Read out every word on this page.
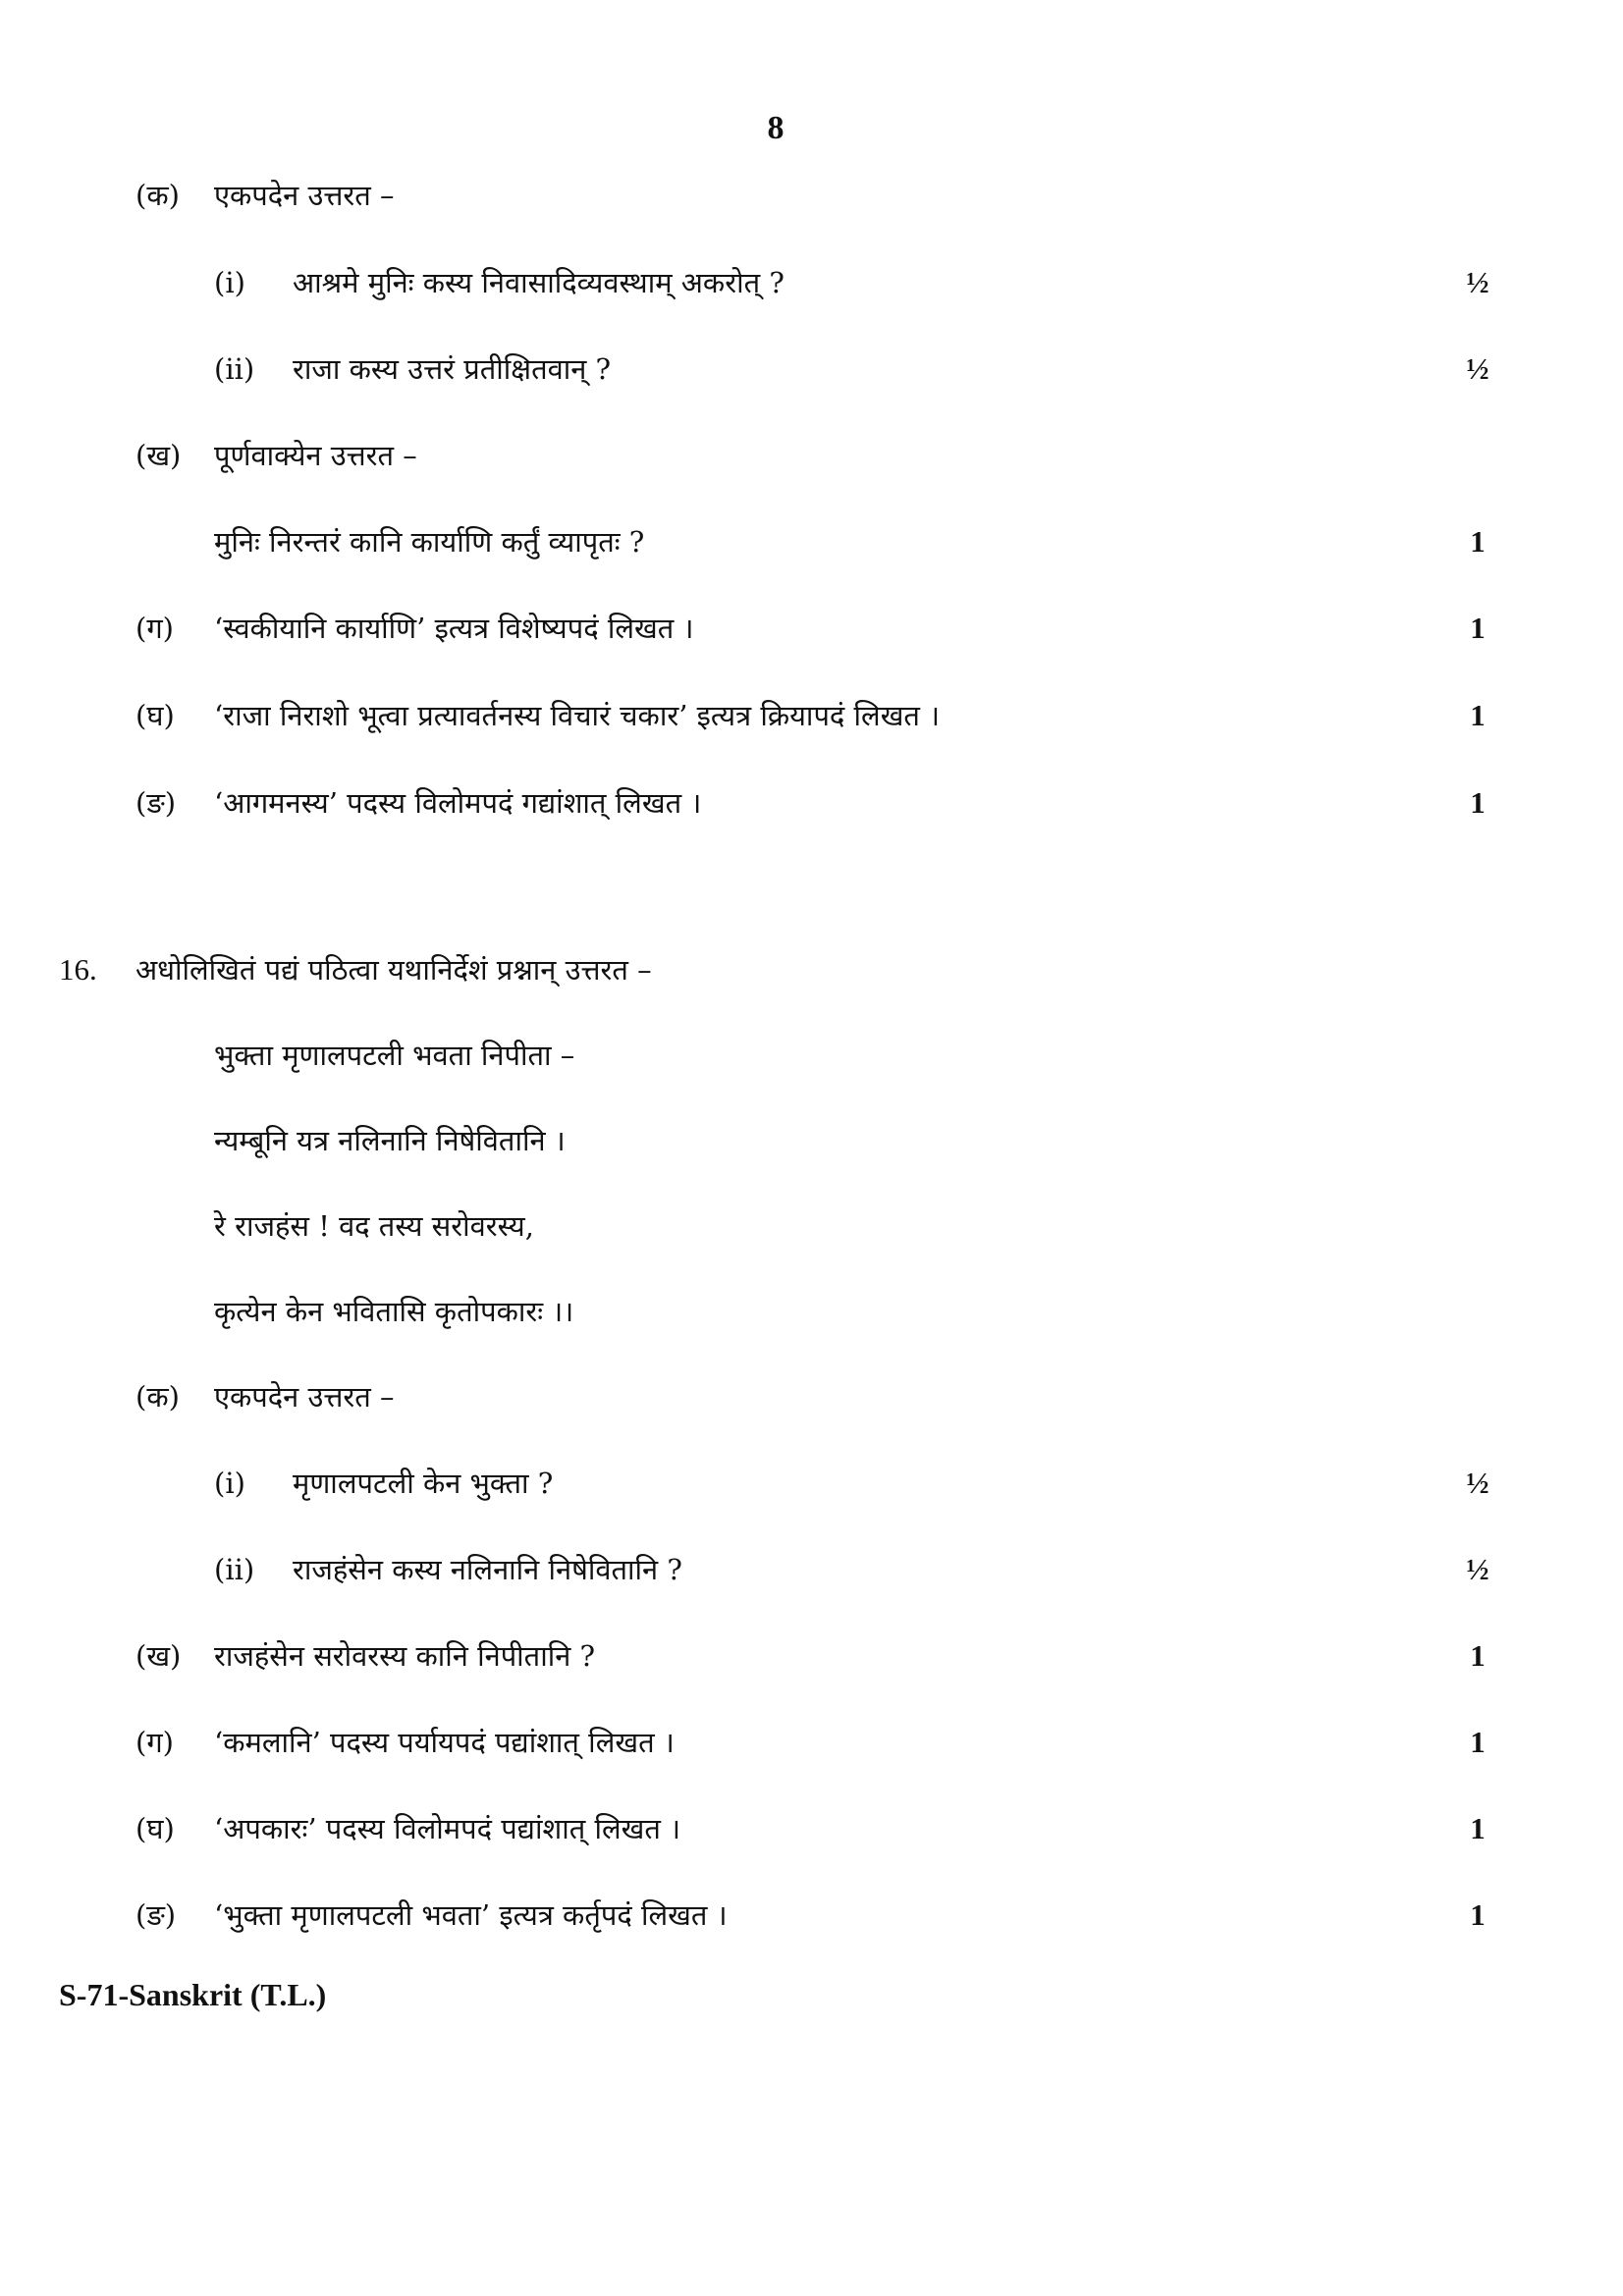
8
(क) एकपदेन उत्तरत –
(i) आश्रमे मुनिः कस्य निवासादिव्यवस्थाम् अकरोत् ?	½
(ii) राजा कस्य उत्तरं प्रतीक्षितवान् ?	½
(ख) पूर्णवाक्येन उत्तरत –
मुनिः निरन्तरं कानि कार्याणि कर्तुं व्यापृतः ?	1
(ग) ‘स्वकीयानि कार्याणि’ इत्यत्र विशेष्यपदं लिखत ।	1
(घ) ‘राजा निराशो भूत्वा प्रत्यावर्तनस्य विचारं चकार’ इत्यत्र क्रियापदं लिखत ।	1
(ङ) ‘आगमनस्य’ पदस्य विलोमपदं गद्यांशात् लिखत ।	1
16. अधोलिखितं पद्यं पठित्वा यथानिर्देशं प्रश्नान् उत्तरत –
भुक्ता मृणालपटली भवता निपीता –
न्यम्बूनि यत्र नलिनानि निषेवितानि ।
रे राजहंस ! वद तस्य सरोवरस्य,
कृत्येन केन भवितासि कृतोपकारः ।।
(क) एकपदेन उत्तरत –
(i) मृणालपटली केन भुक्ता ?	½
(ii) राजहंसेन कस्य नलिनानि निषेवितानि ?	½
(ख) राजहंसेन सरोवरस्य कानि निपीतानि ?	1
(ग) ‘कमलानि’ पदस्य पर्यायपदं पद्यांशात् लिखत ।	1
(घ) ‘अपकारः’ पदस्य विलोमपदं पद्यांशात् लिखत ।	1
(ङ) ‘भुक्ता मृणालपटली भवता’ इत्यत्र कर्तृपदं लिखत ।	1
S-71-Sanskrit (T.L.)
